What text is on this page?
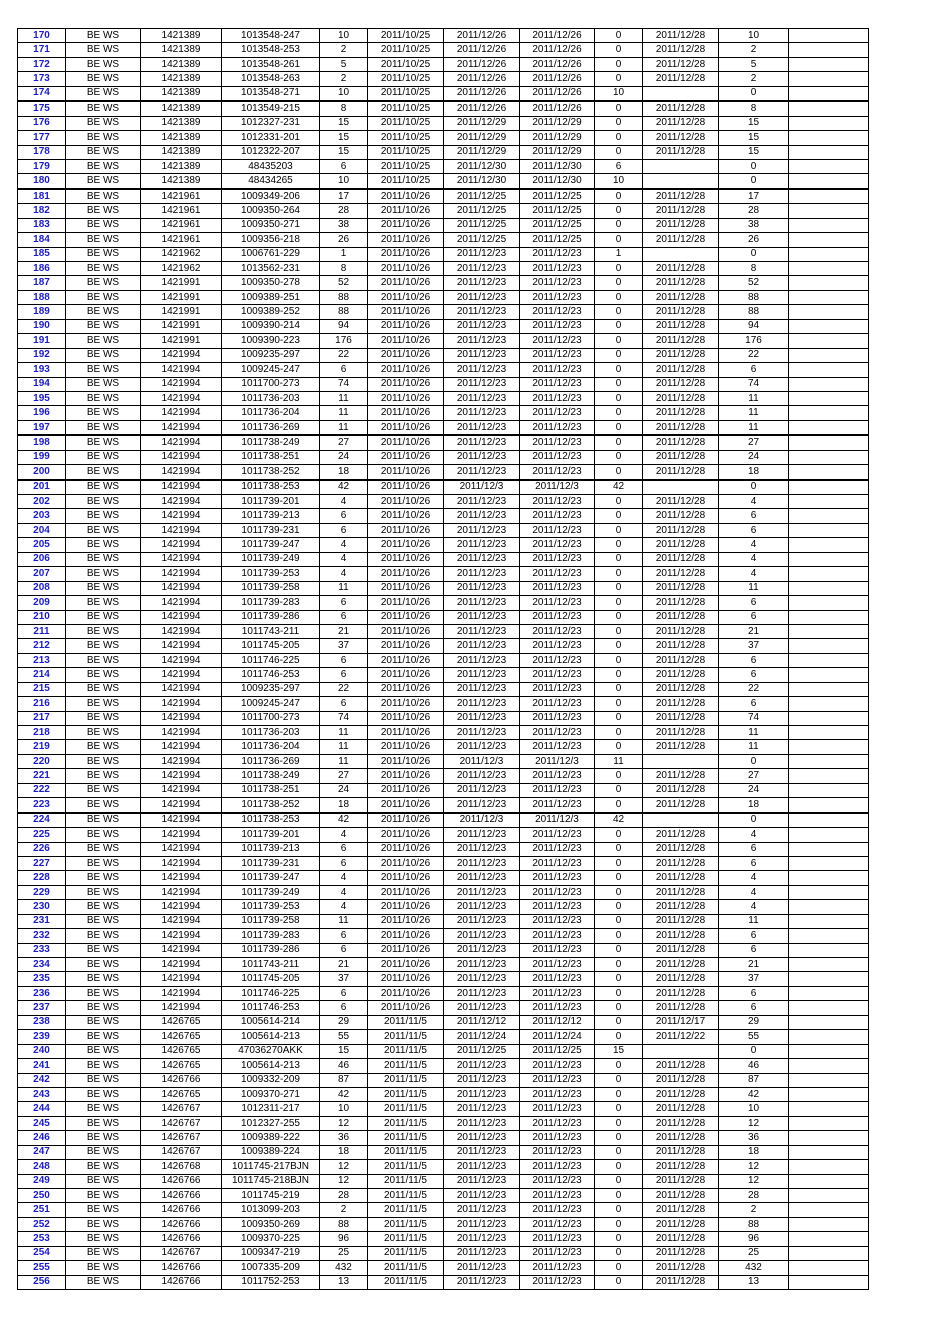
170	BE WS	1421389	1013548-247	10	2011/10/25	2011/12/26	2011/12/26	0	2011/12/28	10	
171	BE WS	1421389	1013548-253	2	2011/10/25	2011/12/26	2011/12/26	0	2011/12/28	2	
172	BE WS	1421389	1013548-261	5	2011/10/25	2011/12/26	2011/12/26	0	2011/12/28	5	
173	BE WS	1421389	1013548-263	2	2011/10/25	2011/12/26	2011/12/26	0	2011/12/28	2	
174	BE WS	1421389	1013548-271	10	2011/10/25	2011/12/26	2011/12/26	10		0	
175	BE WS	1421389	1013549-215	8	2011/10/25	2011/12/26	2011/12/26	0	2011/12/28	8	
176	BE WS	1421389	1012327-231	15	2011/10/25	2011/12/29	2011/12/29	0	2011/12/28	15	
177	BE WS	1421389	1012331-201	15	2011/10/25	2011/12/29	2011/12/29	0	2011/12/28	15	
178	BE WS	1421389	1012322-207	15	2011/10/25	2011/12/29	2011/12/29	0	2011/12/28	15	
179	BE WS	1421389	48435203	6	2011/10/25	2011/12/30	2011/12/30	6		0	
180	BE WS	1421389	48434265	10	2011/10/25	2011/12/30	2011/12/30	10		0	
181	BE WS	1421961	1009349-206	17	2011/10/26	2011/12/25	2011/12/25	0	2011/12/28	17	
182	BE WS	1421961	1009350-264	28	2011/10/26	2011/12/25	2011/12/25	0	2011/12/28	28	
183	BE WS	1421961	1009350-271	38	2011/10/26	2011/12/25	2011/12/25	0	2011/12/28	38	
184	BE WS	1421961	1009356-218	26	2011/10/26	2011/12/25	2011/12/25	0	2011/12/28	26	
185	BE WS	1421962	1006761-229	1	2011/10/26	2011/12/23	2011/12/23	1		0	
186	BE WS	1421962	1013562-231	8	2011/10/26	2011/12/23	2011/12/23	0	2011/12/28	8	
187	BE WS	1421991	1009350-278	52	2011/10/26	2011/12/23	2011/12/23	0	2011/12/28	52	
188	BE WS	1421991	1009389-251	88	2011/10/26	2011/12/23	2011/12/23	0	2011/12/28	88	
189	BE WS	1421991	1009389-252	88	2011/10/26	2011/12/23	2011/12/23	0	2011/12/28	88	
190	BE WS	1421991	1009390-214	94	2011/10/26	2011/12/23	2011/12/23	0	2011/12/28	94	
191	BE WS	1421991	1009390-223	176	2011/10/26	2011/12/23	2011/12/23	0	2011/12/28	176	
192	BE WS	1421994	1009235-297	22	2011/10/26	2011/12/23	2011/12/23	0	2011/12/28	22	
193	BE WS	1421994	1009245-247	6	2011/10/26	2011/12/23	2011/12/23	0	2011/12/28	6	
194	BE WS	1421994	1011700-273	74	2011/10/26	2011/12/23	2011/12/23	0	2011/12/28	74	
195	BE WS	1421994	1011736-203	11	2011/10/26	2011/12/23	2011/12/23	0	2011/12/28	11	
196	BE WS	1421994	1011736-204	11	2011/10/26	2011/12/23	2011/12/23	0	2011/12/28	11	
197	BE WS	1421994	1011736-269	11	2011/10/26	2011/12/23	2011/12/23	0	2011/12/28	11	
198	BE WS	1421994	1011738-249	27	2011/10/26	2011/12/23	2011/12/23	0	2011/12/28	27	
199	BE WS	1421994	1011738-251	24	2011/10/26	2011/12/23	2011/12/23	0	2011/12/28	24	
200	BE WS	1421994	1011738-252	18	2011/10/26	2011/12/23	2011/12/23	0	2011/12/28	18	
201	BE WS	1421994	1011738-253	42	2011/10/26	2011/12/3	2011/12/3	42		0	
202	BE WS	1421994	1011739-201	4	2011/10/26	2011/12/23	2011/12/23	0	2011/12/28	4	
203	BE WS	1421994	1011739-213	6	2011/10/26	2011/12/23	2011/12/23	0	2011/12/28	6	
204	BE WS	1421994	1011739-231	6	2011/10/26	2011/12/23	2011/12/23	0	2011/12/28	6	
205	BE WS	1421994	1011739-247	4	2011/10/26	2011/12/23	2011/12/23	0	2011/12/28	4	
206	BE WS	1421994	1011739-249	4	2011/10/26	2011/12/23	2011/12/23	0	2011/12/28	4	
207	BE WS	1421994	1011739-253	4	2011/10/26	2011/12/23	2011/12/23	0	2011/12/28	4	
208	BE WS	1421994	1011739-258	11	2011/10/26	2011/12/23	2011/12/23	0	2011/12/28	11	
209	BE WS	1421994	1011739-283	6	2011/10/26	2011/12/23	2011/12/23	0	2011/12/28	6	
210	BE WS	1421994	1011739-286	6	2011/10/26	2011/12/23	2011/12/23	0	2011/12/28	6	
211	BE WS	1421994	1011743-211	21	2011/10/26	2011/12/23	2011/12/23	0	2011/12/28	21	
212	BE WS	1421994	1011745-205	37	2011/10/26	2011/12/23	2011/12/23	0	2011/12/28	37	
213	BE WS	1421994	1011746-225	6	2011/10/26	2011/12/23	2011/12/23	0	2011/12/28	6	
214	BE WS	1421994	1011746-253	6	2011/10/26	2011/12/23	2011/12/23	0	2011/12/28	6	
215	BE WS	1421994	1009235-297	22	2011/10/26	2011/12/23	2011/12/23	0	2011/12/28	22	
216	BE WS	1421994	1009245-247	6	2011/10/26	2011/12/23	2011/12/23	0	2011/12/28	6	
217	BE WS	1421994	1011700-273	74	2011/10/26	2011/12/23	2011/12/23	0	2011/12/28	74	
218	BE WS	1421994	1011736-203	11	2011/10/26	2011/12/23	2011/12/23	0	2011/12/28	11	
219	BE WS	1421994	1011736-204	11	2011/10/26	2011/12/23	2011/12/23	0	2011/12/28	11	
220	BE WS	1421994	1011736-269	11	2011/10/26	2011/12/3	2011/12/3	11		0	
221	BE WS	1421994	1011738-249	27	2011/10/26	2011/12/23	2011/12/23	0	2011/12/28	27	
222	BE WS	1421994	1011738-251	24	2011/10/26	2011/12/23	2011/12/23	0	2011/12/28	24	
223	BE WS	1421994	1011738-252	18	2011/10/26	2011/12/23	2011/12/23	0	2011/12/28	18	
224	BE WS	1421994	1011738-253	42	2011/10/26	2011/12/3	2011/12/3	42		0	
225	BE WS	1421994	1011739-201	4	2011/10/26	2011/12/23	2011/12/23	0	2011/12/28	4	
226	BE WS	1421994	1011739-213	6	2011/10/26	2011/12/23	2011/12/23	0	2011/12/28	6	
227	BE WS	1421994	1011739-231	6	2011/10/26	2011/12/23	2011/12/23	0	2011/12/28	6	
228	BE WS	1421994	1011739-247	4	2011/10/26	2011/12/23	2011/12/23	0	2011/12/28	4	
229	BE WS	1421994	1011739-249	4	2011/10/26	2011/12/23	2011/12/23	0	2011/12/28	4	
230	BE WS	1421994	1011739-253	4	2011/10/26	2011/12/23	2011/12/23	0	2011/12/28	4	
231	BE WS	1421994	1011739-258	11	2011/10/26	2011/12/23	2011/12/23	0	2011/12/28	11	
232	BE WS	1421994	1011739-283	6	2011/10/26	2011/12/23	2011/12/23	0	2011/12/28	6	
233	BE WS	1421994	1011739-286	6	2011/10/26	2011/12/23	2011/12/23	0	2011/12/28	6	
234	BE WS	1421994	1011743-211	21	2011/10/26	2011/12/23	2011/12/23	0	2011/12/28	21	
235	BE WS	1421994	1011745-205	37	2011/10/26	2011/12/23	2011/12/23	0	2011/12/28	37	
236	BE WS	1421994	1011746-225	6	2011/10/26	2011/12/23	2011/12/23	0	2011/12/28	6	
237	BE WS	1421994	1011746-253	6	2011/10/26	2011/12/23	2011/12/23	0	2011/12/28	6	
238	BE WS	1426765	1005614-214	29	2011/11/5	2011/12/12	2011/12/12	0	2011/12/17	29	
239	BE WS	1426765	1005614-213	55	2011/11/5	2011/12/24	2011/12/24	0	2011/12/22	55	
240	BE WS	1426765	47036270AKK	15	2011/11/5	2011/12/25	2011/12/25	15		0	
241	BE WS	1426765	1005614-213	46	2011/11/5	2011/12/23	2011/12/23	0	2011/12/28	46	
242	BE WS	1426766	1009332-209	87	2011/11/5	2011/12/23	2011/12/23	0	2011/12/28	87	
243	BE WS	1426765	1009370-271	42	2011/11/5	2011/12/23	2011/12/23	0	2011/12/28	42	
244	BE WS	1426767	1012311-217	10	2011/11/5	2011/12/23	2011/12/23	0	2011/12/28	10	
245	BE WS	1426767	1012327-255	12	2011/11/5	2011/12/23	2011/12/23	0	2011/12/28	12	
246	BE WS	1426767	1009389-222	36	2011/11/5	2011/12/23	2011/12/23	0	2011/12/28	36	
247	BE WS	1426767	1009389-224	18	2011/11/5	2011/12/23	2011/12/23	0	2011/12/28	18	
248	BE WS	1426768	1011745-217BJN	12	2011/11/5	2011/12/23	2011/12/23	0	2011/12/28	12	
249	BE WS	1426766	1011745-218BJN	12	2011/11/5	2011/12/23	2011/12/23	0	2011/12/28	12	
250	BE WS	1426766	1011745-219	28	2011/11/5	2011/12/23	2011/12/23	0	2011/12/28	28	
251	BE WS	1426766	1013099-203	2	2011/11/5	2011/12/23	2011/12/23	0	2011/12/28	2	
252	BE WS	1426766	1009350-269	88	2011/11/5	2011/12/23	2011/12/23	0	2011/12/28	88	
253	BE WS	1426766	1009370-225	96	2011/11/5	2011/12/23	2011/12/23	0	2011/12/28	96	
254	BE WS	1426767	1009347-219	25	2011/11/5	2011/12/23	2011/12/23	0	2011/12/28	25	
255	BE WS	1426766	1007335-209	432	2011/11/5	2011/12/23	2011/12/23	0	2011/12/28	432	
256	BE WS	1426766	1011752-253	13	2011/11/5	2011/12/23	2011/12/23	0	2011/12/28	13	
